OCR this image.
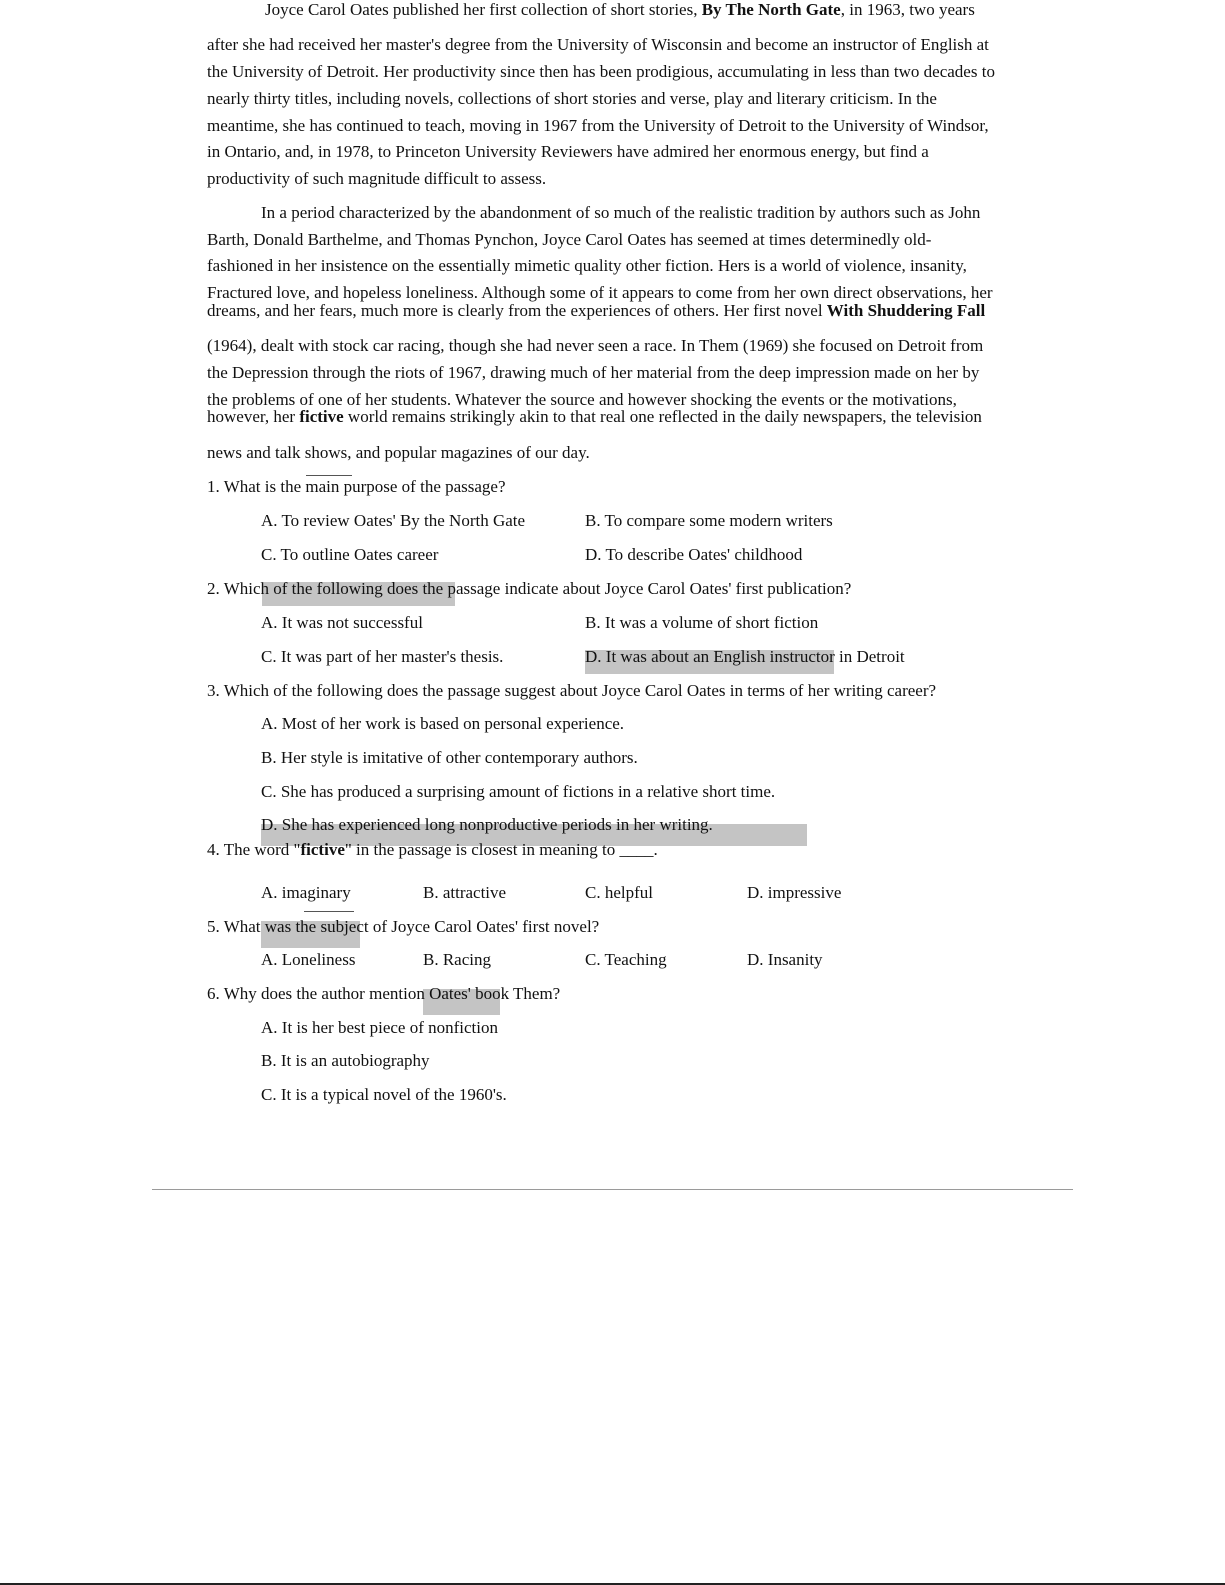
Joyce Carol Oates published her first collection of short stories, By The North Gate, in 1963, two years
after she had received her master's degree from the University of Wisconsin and become an instructor of English at
the University of Detroit. Her productivity since then has been prodigious, accumulating in less than two decades to
nearly thirty titles, including novels, collections of short stories and verse, play and literary criticism. In the
meantime, she has continued to teach, moving in 1967 from the University of Detroit to the University of Windsor,
in Ontario, and, in 1978, to Princeton University Reviewers have admired her enormous energy, but find a
productivity of such magnitude difficult to assess.
In a period characterized by the abandonment of so much of the realistic tradition by authors such as John
Barth, Donald Barthelme, and Thomas Pynchon, Joyce Carol Oates has seemed at times determinedly old-
fashioned in her insistence on the essentially mimetic quality other fiction. Hers is a world of violence, insanity,
Fractured love, and hopeless loneliness. Although some of it appears to come from her own direct observations, her
dreams, and her fears, much more is clearly from the experiences of others. Her first novel With Shuddering Fall
(1964), dealt with stock car racing, though she had never seen a race. In Them (1969) she focused on Detroit from
the Depression through the riots of 1967, drawing much of her material from the deep impression made on her by
the problems of one of her students. Whatever the source and however shocking the events or the motivations,
however, her fictive world remains strikingly akin to that real one reflected in the daily newspapers, the television
news and talk shows, and popular magazines of our day.
1. What is the main purpose of the passage?
A. To review Oates' By the North Gate	B. To compare some modern writers
C. To outline Oates career	D. To describe Oates' childhood
2. Which of the following does the passage indicate about Joyce Carol Oates' first publication?
A. It was not successful	B. It was a volume of short fiction
C. It was part of her master's thesis.	D. It was about an English instructor in Detroit
3. Which of the following does the passage suggest about Joyce Carol Oates in terms of her writing career?
A. Most of her work is based on personal experience.
B. Her style is imitative of other contemporary authors.
C. She has produced a surprising amount of fictions in a relative short time.
D. She has experienced long nonproductive periods in her writing.
4. The word "fictive" in the passage is closest in meaning to ____.
A. imaginary	B. attractive	C. helpful	D. impressive
5. What was the subject of Joyce Carol Oates' first novel?
A. Loneliness	B. Racing	C. Teaching	D. Insanity
6. Why does the author mention Oates' book Them?
A. It is her best piece of nonfiction
B. It is an autobiography
C. It is a typical novel of the 1960's.
